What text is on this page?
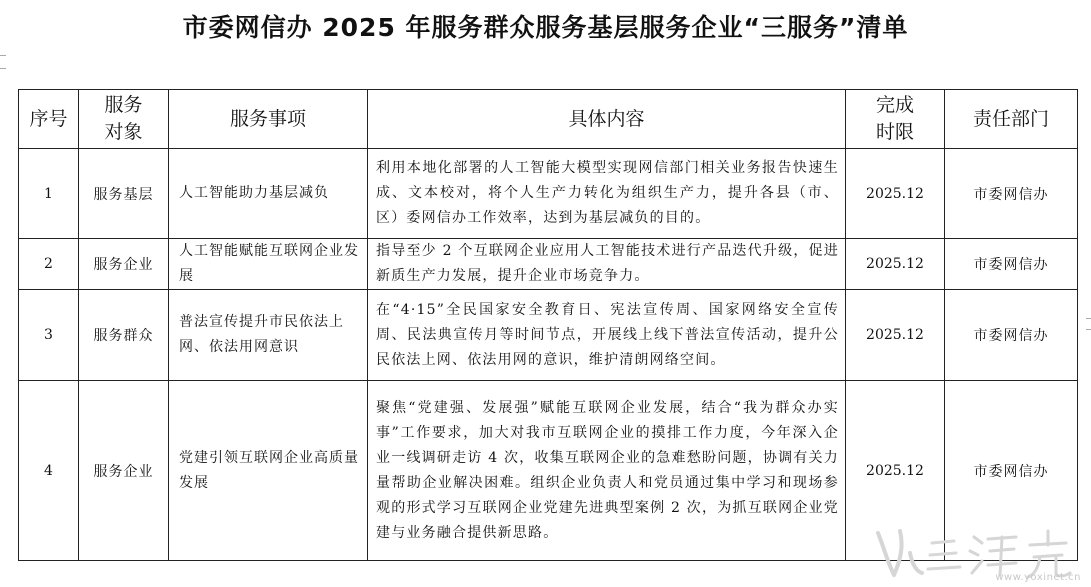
市委网信办 2025 年服务群众服务基层服务企业“三服务”清单
序号	服务对象	服务事项	具体内容	完成时限	责任部门
1	服务基层	人工智能助力基层减负	利用本地化部署的人工智能大模型实现网信部门相关业务报告快速生成、文本校对，将个人生产力转化为组织生产力，提升各县（市、区）委网信办工作效率，达到为基层减负的目的。	2025.12	市委网信办
2	服务企业	人工智能赋能互联网企业发展	指导至少 2 个互联网企业应用人工智能技术进行产品迭代升级，促进新质生产力发展，提升企业市场竞争力。	2025.12	市委网信办
3	服务群众	普法宣传提升市民依法上网、依法用网意识	在“4·15”全民国家安全教育日、宪法宣传周、国家网络安全宣传周、民法典宣传月等时间节点，开展线上线下普法宣传活动，提升公民依法上网、依法用网的意识，维护清朗网络空间。	2025.12	市委网信办
4	服务企业	党建引领互联网企业高质量发展	聚焦“党建强、发展强”赋能互联网企业发展，结合“我为群众办实事”工作要求，加大对我市互联网企业的摸排工作力度，今年深入企业一线调研走访 4 次，收集互联网企业的急难愁盼问题，协调有关力量帮助企业解决困难。组织企业负责人和党员通过集中学习和现场参观的形式学习互联网企业党建先进典型案例 2 次，为抓互联网企业党建与业务融合提供新思路。	2025.12	市委网信办
www.yoxinet.cn
